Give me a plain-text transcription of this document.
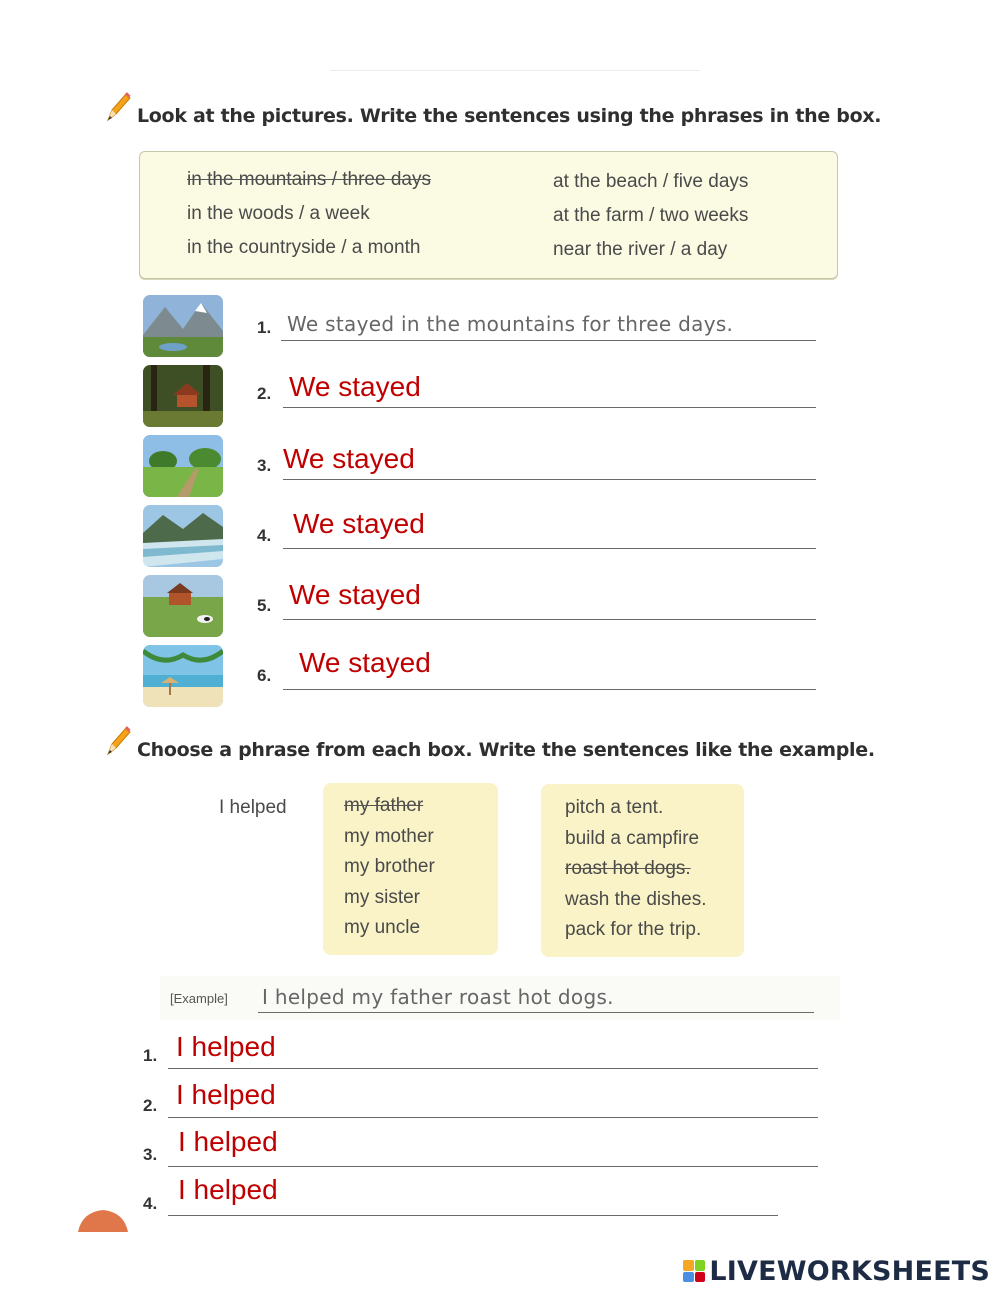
Look at the pictures. Write the sentences using the phrases in the box.
in the mountains / three days
in the woods / a week
in the countryside / a month
at the beach / five days
at the farm / two weeks
near the river / a day
1. We stayed in the mountains for three days.
2. We stayed
3. We stayed
4. We stayed
5. We stayed
6. We stayed
Choose a phrase from each box. Write the sentences like the example.
I helped	my father
my mother
my brother
my sister
my uncle
pitch a tent.
build a campfire
roast hot dogs.
wash the dishes.
pack for the trip.
[Example] I helped my father roast hot dogs.
1. I helped
2. I helped
3. I helped
4. I helped
LIVEWORKSHEETS
